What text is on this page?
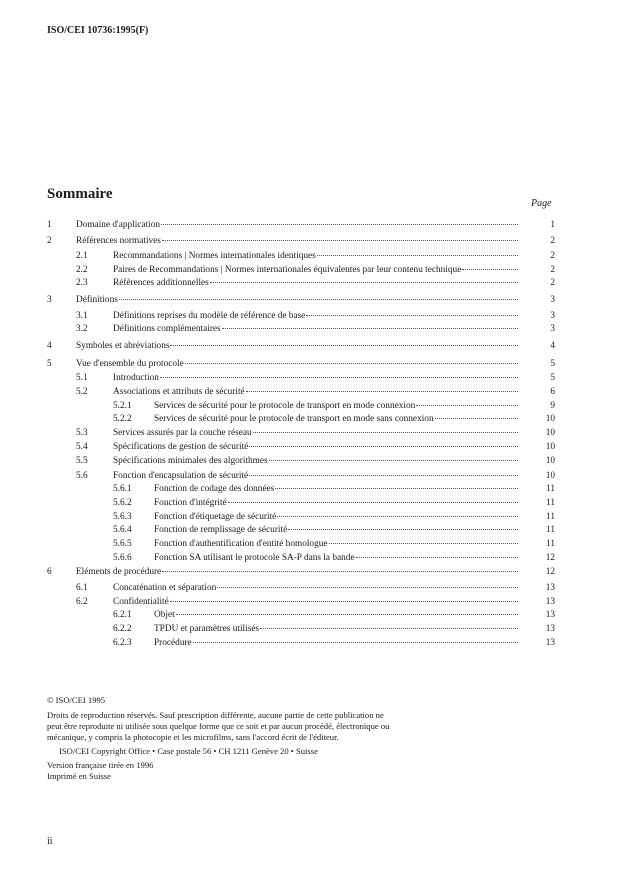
ISO/CEI 10736:1995(F)
Sommaire
Page
1	Domaine d'application	1
2	Références normatives	2
2.1	Recommandations | Normes internationales identiques	2
2.2	Paires de Recommandations | Normes internationales équivalentes par leur contenu technique	2
2.3	Références additionnelles	2
3	Définitions	3
3.1	Définitions reprises du modèle de référence de base	3
3.2	Définitions complémentaires	3
4	Symboles et abréviations	4
5	Vue d'ensemble du protocole	5
5.1	Introduction	5
5.2	Associations et attributs de sécurité	6
5.2.1 Services de sécurité pour le protocole de transport en mode connexion	9
5.2.2 Services de sécurité pour le protocole de transport en mode sans connexion	10
5.3	Services assurés par la couche réseau	10
5.4	Spécifications de gestion de sécurité	10
5.5	Spécifications minimales des algorithmes	10
5.6	Fonction d'encapsulation de sécurité	10
5.6.1 Fonction de codage des données	11
5.6.2 Fonction d'intégrité	11
5.6.3 Fonction d'étiquetage de sécurité	11
5.6.4 Fonction de remplissage de sécurité	11
5.6.5 Fonction d'authentification d'entité homologue	11
5.6.6 Fonction SA utilisant le protocole SA-P dans la bande	12
6	Eléments de procédure	12
6.1	Concaténation et séparation	13
6.2	Confidentialité	13
6.2.1 Objet	13
6.2.2 TPDU et paramètres utilisés	13
6.2.3 Procédure	13

© ISO/CEI 1995

Droits de reproduction réservés. Sauf prescription différente, aucune partie de cette publication ne peut être reproduite ni utilisée sous quelque forme que ce soit et par aucun procédé, électronique ou mécanique, y compris la photocopie et les microfilms, sans l'accord écrit de l'éditeur.

ISO/CEI Copyright Office • Case postale 56 • CH 1211 Genève 20 • Suisse

Version française tirée en 1996

Imprimé en Suisse

ii
